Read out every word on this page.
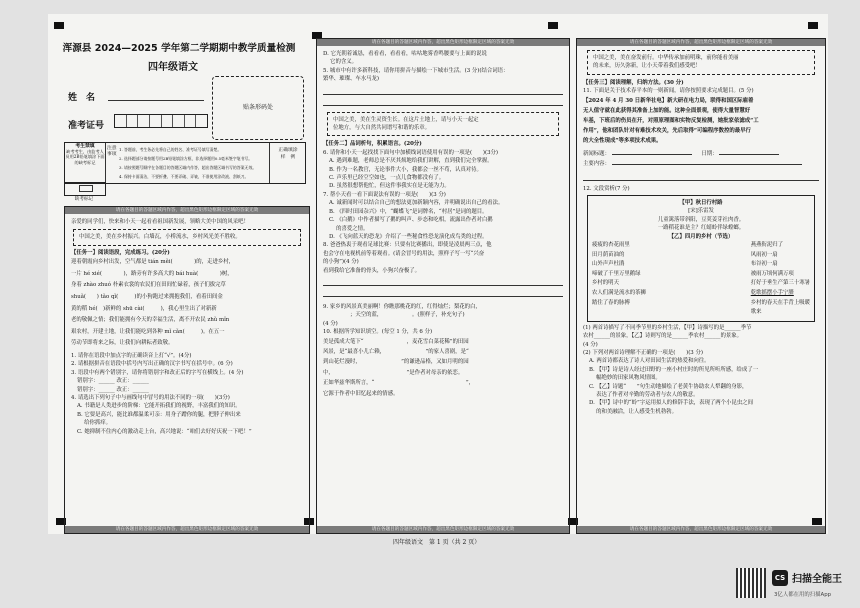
浑源县 2024—2025 学年第二学期期中教学质量检测
四年级语文
姓　名
准考证号
贴条形码处
考生禁填
缺考考生，由监考人员用2B铅笔填涂下面的缺考标记
注意事项
1. 答题前，考生务必先将自己的姓名、准考证号填写清楚。
2. 选择题部分请按题号用2B铅笔填涂方框，非选择题用0.5毫米签字笔书写。
3. 请按照题号顺序在各题目的答题区域内作答，超出答题区域书写的答案无效。
4. 保持卡面清洁，不要折叠、不要弄破、弄皱，不准使用涂改液、刮纸刀。
正确填涂
样　例
缺考标记
请在各题目的答题区域内作答，超出黑色矩形边框限定区域的答案无效
亲爱的同学们，快来和小天一起看看祖国新发展，领略大美中国的风采吧！
中国之美，美在乡村振兴。白墙瓦，小桥流水，乡村风光美不胜收。
【任务一】阅读语段，完成练习。(20分)
迎着朝霞向乡村出发，空气都是 tián měi(　　　　)的，走进乡村，
一片 hé xié(　　　　)，路旁有许多高大的 bái huà(　　　　)树，
身着 zhào zhuó 朴素衣裳的农民们在田间忙碌着，孩子们拔完草
shuǎ(　　) tǎo qǐ(　　　)的小狗跑过来拥抱我们，看着田间金
黄的稻 hé(　)新鲜的 shū cài(　　　)，我心里生出了对新新
老的敬佩之情；我们能拥有今天的幸福生活，离不开农民 zhǔ mǐn
艰农村，开建土地，让我们能吃到各种 mǐ cǎn(　　　)。在五一
劳动节即将来之际，让我们向耕耘者致敬。
1. 请你在语段中加点字的正确读音上打“√”。(4分)
2. 请根据拼音在语段中括号内写出正确的汉字书写在括号中。(6 分)
3. 语段中有两个错别字，请你将错别字和改正后的字写在横线上。(4 分)
错别字：______ 改正：______
错别字：______ 改正：______
4. 请选出下列句子中与画线句中冒号的用法不同的一项(　　)(3分)
A. 书籍是人类进步的阶梯：它能开拓我们的视野，丰富我们的知识。
B. 它要是高兴，能比谁都温柔可亲：用身子蹭你的腿，把脖子伸出来
　 给你抓痒。
C. 她抑制不住内心的激动走上台，高兴地说：“咱们去好好庆祝一下吧！”
请在各题目的答题区域内作答，超出黑色矩形边框限定区域的答案无效
请在各题目的答题区域内作答，超出黑色矩形边框限定区域的答案无效
D. 它光朝着诚恳，看看看，看看看，咕咕地雾香鸣腰要与上面的说说
　 它的含义。
5. 城市中有许多新科技，请你用拼音与描绘一下城市生活。(3 分)(结合词语：
繁华、璀璨、车水马龙)
中国之美，美在生灵资生长。在这片土地上，请与小天一起定
位地方，与大自然共同谱写和谐的乐章。
【任务二】品词析句，积累语言。(20分)
6. 请你和小天一起找找下面句中加横线词语使用有误的一项是(　　)(3分)
A. 遇到难题，老师总是不厌其烦地给我们讲解，直到我们完全掌握。
B. 作为一名教官，无论事件大小，我都会一丝不苟，认真对待。
C. 声乐里已经空空如也，一点儿食物都没有了。
D. 虽然很想帮他忙，但这件事我实在是无能为力。
7. 帮小天看一看下面说法有误的一项是(　　)(3 分)
A. 诚新闻时可以结合自己的想法更加新颖内容，并明确说出自己的看法。
B. 《四时田园杂兴》中，“蝴蝶飞”是词牌名，“村居”是词的题目。
C. 《白鹅》中作者描写了鹅的叫声、步态和吃相，流露出作者对白鹅
　 的喜爱之情。
D. 《飞向蓝天的恐龙》介绍了一些秘食性恐龙演化成鸟类的过程。
8. 爸爸热衷于观看足球比赛：只要有比赛播出，即使是凌晨两三点，他
也会守在电视机前等着观看。(请会冒号的用法，照样子写一写“兴奋
的小狗”)(4 分)
看到我给它准备的骨头，小狗兴奋极了。
9. 家乡的风景真美丽啊！你瞧那桃花的红，红得灿烂；梨花的白，
　　　　　；天空的蓝，　　　　　　。(照样子，补充句子)
(4 分)
10. 根据所学知识填空。(每空 1 分，共 6 分)
美是孤成大笔下“　　　　　　　　，麦花雪白菜花稀”的田园
风景，是“最喜小儿亡赖，　　　　　　　　”的家人喜剧，是“
到山花烂漫时，　　　　　　　　”的谦逊品格，又如月明的园
中，　　　　　　　　　　　　　　”是作者对母亲的依恋。
正如华兹华斯所言，“　　　　　　　　　　　　　　　　　”，
它源于作者中旧忆起来的情感。
请在各题目的答题区域内作答，超出黑色矩形边框限定区域的答案无效
请在各题目的答题区域内作答，超出黑色矩形边框限定区域的答案无效
中国之美，美在奋发前行。中华传承加前明珠，前你能看美丽
的未来，历久弥新，让小天带着我们感受吧！
【任务三】阅读理解，归纳方法。(30 分)
11. 下面是关于技术春平本的一则新闻，请你按照要求完成题目。(5 分)
【2024 年 4 月 30 日新华社电】新大研在电力局，联得和国区际雇着
无人值守就在此获得其准备上加的能。这种全面景观，使得大量智慧好
车基，下班后的伤员在开，对照原理图和实物反复检测，她批家依滤成“工
作用”，他和团队针对有难技术攻关，先后取得“可编程序数控的最早行
的大全性现成”等多项技术成果。
新闻标题：	日期：
主要内容：
12. 文段赏析(7 分)
【甲】秋日行村路
[宋]乐雷发
儿童篱落带斜阳，豆荚姜芽社肉香。
一路稻花谁是主？红蜻蛉伴绿螳螂。
【乙】四月的乡村（节选）
疲疲的杏花雨里
田月荫苗油的
山外声声杜鹃
啼破了千里万里鹅绿
乡村的明天
农人们满是流水的茶狮
踏住了春的脉搏
燕燕衔泥归了
风雨初一扇
布谷初一扇
被雨万顷何满万项
打好于垂生产第三十寒暑
乾歌摇摆小手宁腊
乡村的春天在手背上吸暖
歌来
(1) 两首诗描写了不同季节里的乡村生活，【甲】诗描写的是______季节
农村______的景象，【乙】诗则写的是______季农村______的景象。
(4 分)
(2) 下列对两首诗理解不正确的一项是(　　)(3 分)
A. 两首诗都表达了诗人对田园生活的热爱和向往。
B. 【甲】诗是诗人经过田野的一座小村庄时的所见所听所感，给成了一
　 幅绝妙的田家风物风情图。
C. 【乙】诗题“　　”句生动地描绘了老黄牛协助农人犁翻的身影，
　 表达了作者对辛勤的劳动者与农人的敬意。
D. 【甲】诗中的“蛉”字运用拟人的修辞手法，表现了两个小昆虫之间
　 的和美融洽，让人感受生机勃勃。
请在各题目的答题区域内作答，超出黑色矩形边框限定区域的答案无效
四年级语文　第 1 页（共 2 页）
CS 扫描全能王
3亿人都在用的扫描App
